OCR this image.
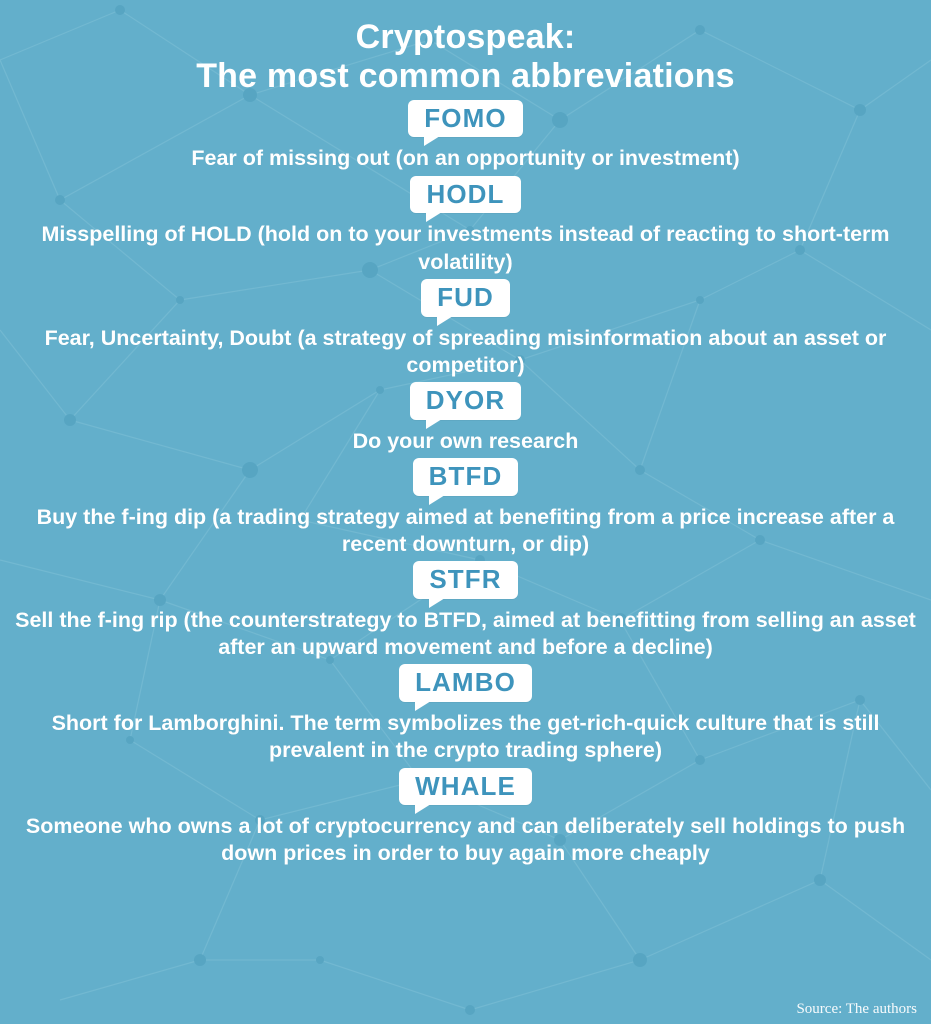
Cryptospeak:
The most common abbreviations
FOMO
Fear of missing out (on an opportunity or investment)
HODL
Misspelling of HOLD (hold on to your investments instead of reacting to short-term volatility)
FUD
Fear, Uncertainty, Doubt (a strategy of spreading misinformation about an asset or competitor)
DYOR
Do your own research
BTFD
Buy the f-ing dip (a trading strategy aimed at benefiting from a price increase after a recent downturn, or dip)
STFR
Sell the f-ing rip (the counterstrategy to BTFD, aimed at benefitting from selling an asset after an upward movement and before a decline)
LAMBO
Short for Lamborghini. The term symbolizes the get-rich-quick culture that is still prevalent in the crypto trading sphere)
WHALE
Someone who owns a lot of cryptocurrency and can deliberately sell holdings to push down prices in order to buy again more cheaply
Source: The authors
